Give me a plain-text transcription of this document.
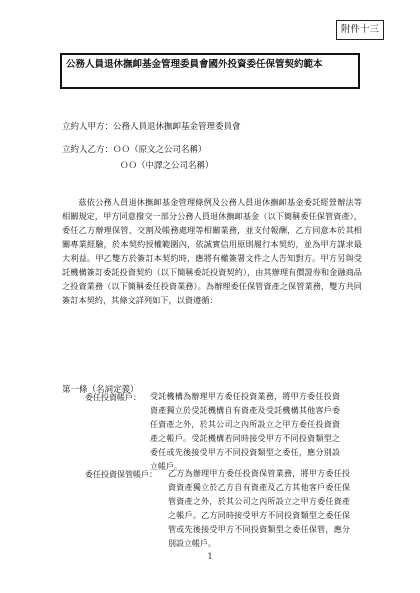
附件十三
公務人員退休撫卹基金管理委員會國外投資委任保管契約範本
立約人甲方：公務人員退休撫卹基金管理委員會
立約人乙方：ＯＯ（原文之公司名稱）
ＯＯ（中譯之公司名稱）
茲依公務人員退休撫卹基金管理條例及公務人員退休撫卹基金委託經營辦法等相關規定，甲方同意撥交一部分公務人員退休撫卹基金（以下簡稱委任保管資產），委任乙方辦理保管、交割及帳務處理等相關業務，並支付報酬，乙方同意本於其相關專業經驗，於本契約授權範圍內，依誠實信用原則履行本契約，並為甲方謀求最大利益。甲乙雙方於簽訂本契約時，應將有權簽署文件之人告知對方。甲方另與受託機構簽訂委託投資契約（以下簡稱委託投資契約），由其辦理有價證券和金融商品之投資業務（以下簡稱委任投資業務）。為辦理委任保管資產之保管業務，雙方共同簽訂本契約，其條文詳列如下，以資遵循：
第一條（名詞定義）
委任投資帳戶： 受託機構為辦理甲方委任投資業務，將甲方委任投資資產獨立於受託機構自有資產及受託機構其他客戶委任資產之外，於其公司之內所設立之甲方委任投資資產之帳戶。受託機構若同時接受甲方不同投資類型之委任或先後接受甲方不同投資類型之委任，應分別設立帳戶。
委任投資保管帳戶： 乙方為辦理甲方委任投資保管業務，將甲方委任投資資產獨立於乙方自有資產及乙方其他客戶委任保管資產之外，於其公司之內所設立之甲方委任資產之帳戶。乙方同時接受甲方不同投資類型之委任保管或先後接受甲方不同投資類型之委任保管，應分別設立帳戶。
1
